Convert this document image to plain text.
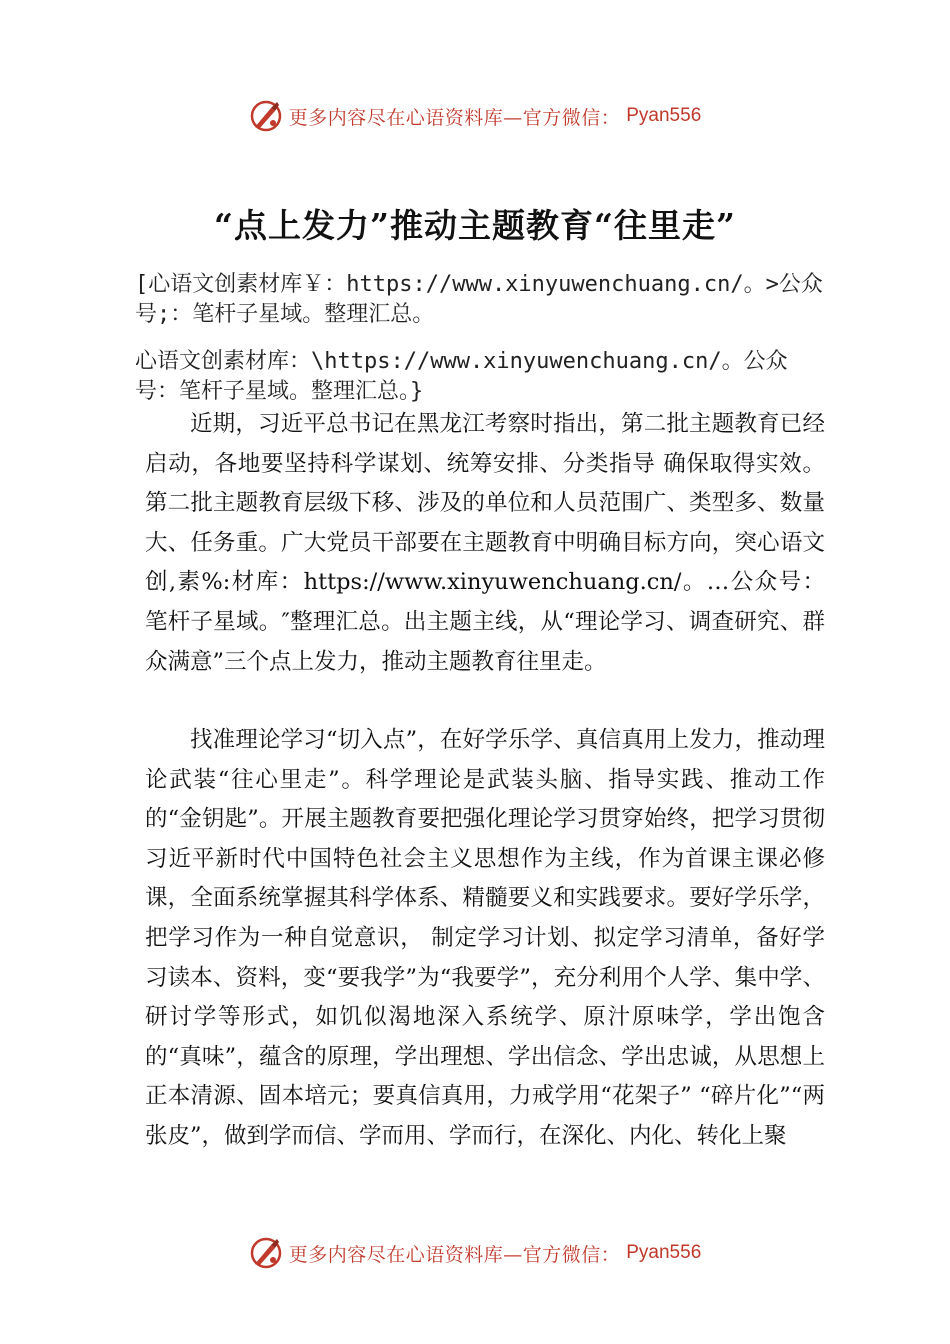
更多内容尽在心语资料库—官方微信： Pyan556
“点上发力”推动主题教育“往里走”

[心语文创素材库￥：https://www.xinyuwenchuang.cn/。>公众号;：笔杆子星域。整理汇总。

心语文创素材库：\https://www.xinyuwenchuang.cn/。公众号：笔杆子星域。整理汇总。}

近期，习近平总书记在黑龙江考察时指出，第二批主题教育已经启动，各地要坚持科学谋划、统筹安排、分类指导 确保取得实效。第二批主题教育层级下移、涉及的单位和人员范围广、类型多、数量大、任务重。广大党员干部要在主题教育中明确目标方向，突心语文创,素%:材库：https://www.xinyuwenchuang.cn/。…公众号：笔杆子星域。″整理汇总。出主题主线，从“理论学习、调查研究、群众满意”三个点上发力，推动主题教育往里走。

找准理论学习“切入点”，在好学乐学、真信真用上发力，推动理论武装“往心里走”。科学理论是武装头脑、指导实践、推动工作的“金钥匙”。开展主题教育要把强化理论学习贯穿始终，把学习贯彻习近平新时代中国特色社会主义思想作为主线，作为首课主课必修课，全面系统掌握其科学体系、精髓要义和实践要求。要好学乐学，把学习作为一种自觉意识， 制定学习计划、拟定学习清单，备好学习读本、资料，变“要我学”为“我要学”，充分利用个人学、集中学、研讨学等形式，如饥似渴地深入系统学、原汁原味学，学出饱含的“真味”，蕴含的原理，学出理想、学出信念、学出忠诚，从思想上正本清源、固本培元；要真信真用，力戒学用“花架子” “碎片化”“两张皮”，做到学而信、学而用、学而行，在深化、内化、转化上聚

更多内容尽在心语资料库—官方微信： Pyan556
